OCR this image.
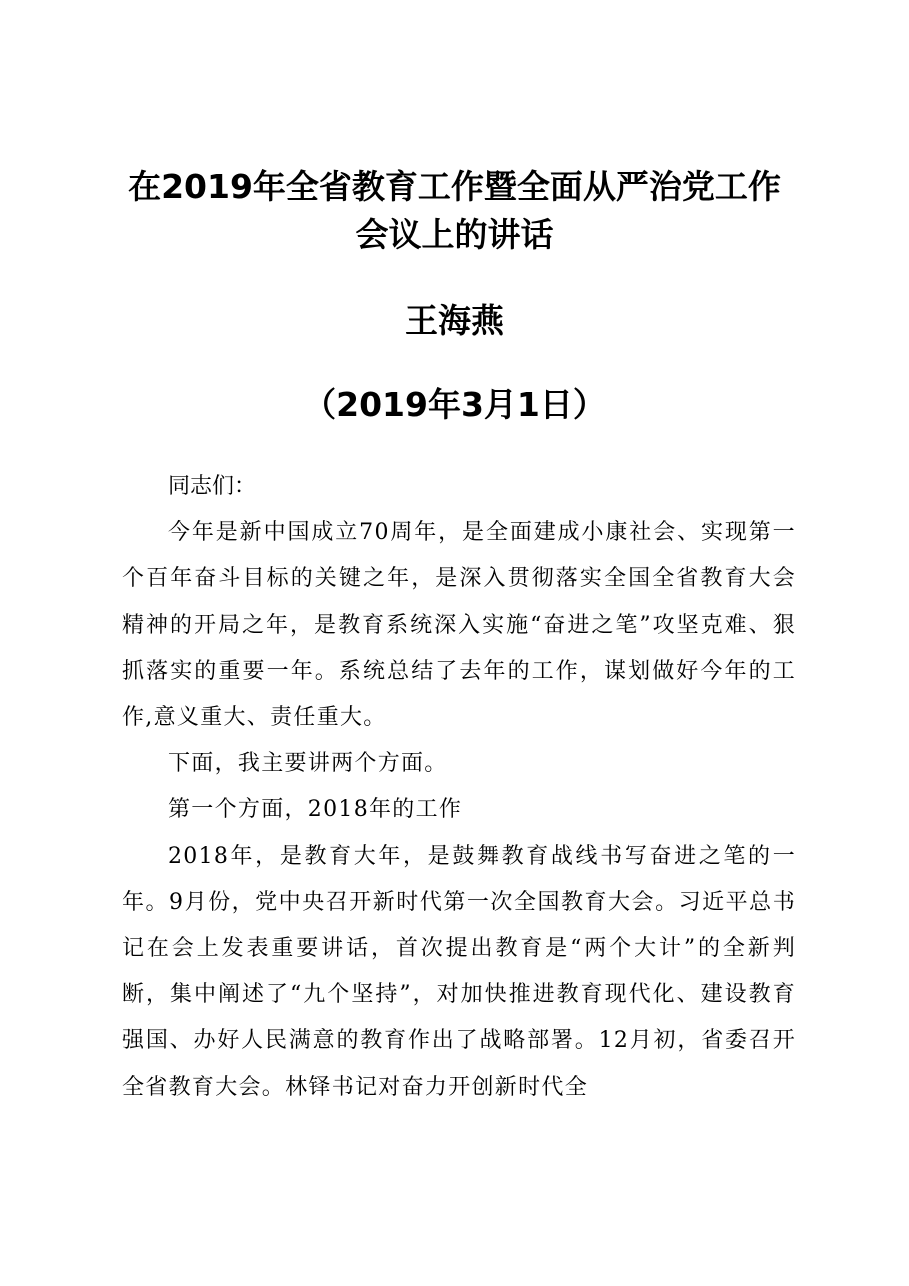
在2019年全省教育工作暨全面从严治党工作
会议上的讲话
王海燕
（2019年3月1日）

同志们：

今年是新中国成立70周年，是全面建成小康社会、实现第一个百年奋斗目标的关键之年，是深入贯彻落实全国全省教育大会精神的开局之年，是教育系统深入实施“奋进之笔”攻坚克难、狠抓落实的重要一年。系统总结了去年的工作，谋划做好今年的工作,意义重大、责任重大。

下面，我主要讲两个方面。

第一个方面，2018年的工作

2018年，是教育大年，是鼓舞教育战线书写奋进之笔的一年。9月份，党中央召开新时代第一次全国教育大会。习近平总书记在会上发表重要讲话，首次提出教育是“两个大计”的全新判断，集中阐述了“九个坚持”，对加快推进教育现代化、建设教育强国、办好人民满意的教育作出了战略部署。12月初，省委召开全省教育大会。林铎书记对奋力开创新时代全
